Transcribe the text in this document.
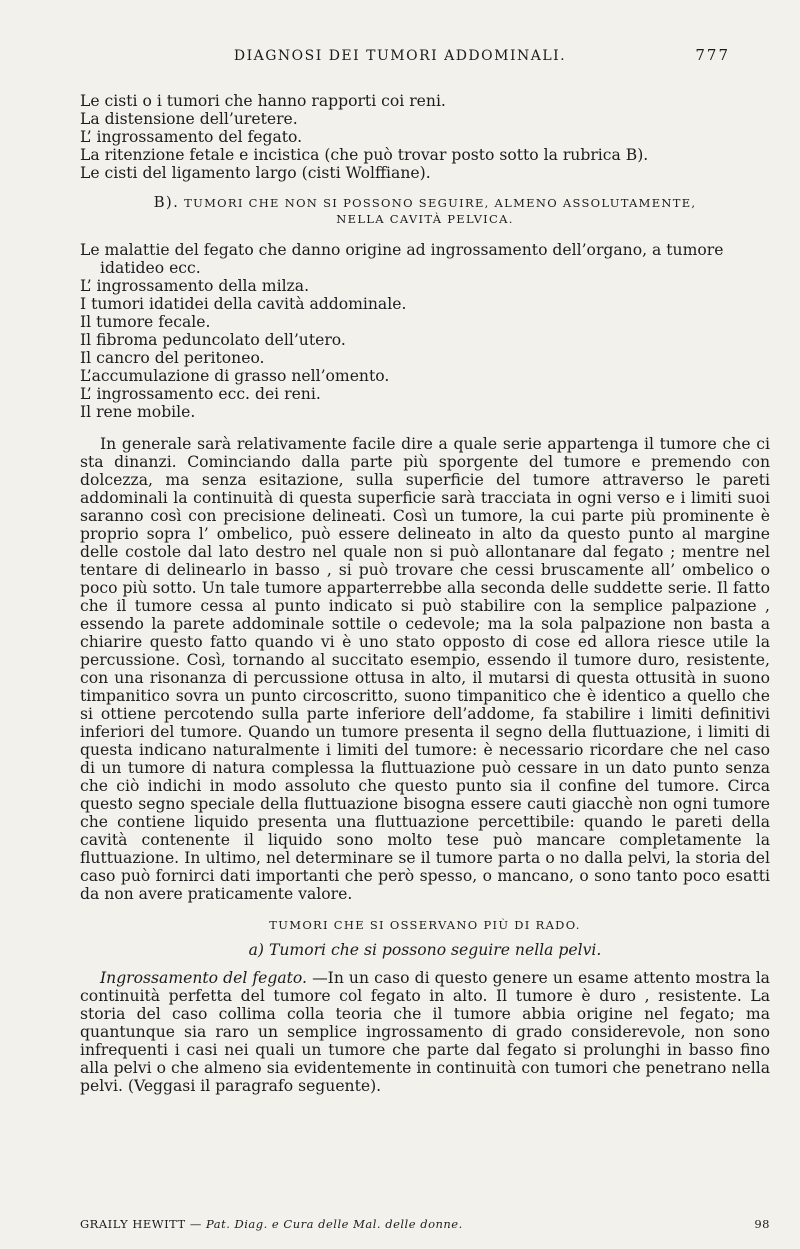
DIAGNOSI DEI TUMORI ADDOMINALI.	777

Le cisti o i tumori che hanno rapporti coi reni.

La distensione dell’uretere.

L’ ingrossamento del fegato.

La ritenzione fetale e incistica (che può trovar posto sotto la rubrica B).

Le cisti del ligamento largo (cisti Wolffiane).

B). TUMORI CHE NON SI POSSONO SEGUIRE, ALMENO ASSOLUTAMENTE,
NELLA CAVITÀ PELVICA.

Le malattie del fegato che danno origine ad ingrossamento dell’organo, a tumore idatideo ecc.

L’ ingrossamento della milza.

I tumori idatidei della cavità addominale.

Il tumore fecale.

Il fibroma peduncolato dell’utero.

Il cancro del peritoneo.

L’accumulazione di grasso nell’omento.

L’ ingrossamento ecc. dei reni.

Il rene mobile.

In generale sarà relativamente facile dire a quale serie appartenga il tumore che ci sta dinanzi. Cominciando dalla parte più sporgente del tumore e premendo con dolcezza, ma senza esitazione, sulla superficie del tumore attraverso le pareti addominali la continuità di questa superficie sarà tracciata in ogni verso e i limiti suoi saranno così con precisione delineati. Così un tumore, la cui parte più prominente è proprio sopra l’ ombelico, può essere delineato in alto da questo punto al margine delle costole dal lato destro nel quale non si può allontanare dal fegato ; mentre nel tentare di delinearlo in basso , si può trovare che cessi bruscamente all’ ombelico o poco più sotto. Un tale tumore apparterrebbe alla seconda delle suddette serie. Il fatto che il tumore cessa al punto indicato si può stabilire con la semplice palpazione , essendo la parete addominale sottile o cedevole; ma la sola palpazione non basta a chiarire questo fatto quando vi è uno stato opposto di cose ed allora riesce utile la percussione. Così, tornando al succitato esempio, essendo il tumore duro, resistente, con una risonanza di percussione ottusa in alto, il mutarsi di questa ottusità in suono timpanitico sovra un punto circoscritto, suono timpanitico che è identico a quello che si ottiene percotendo sulla parte inferiore dell’addome, fa stabilire i limiti definitivi inferiori del tumore. Quando un tumore presenta il segno della fluttuazione, i limiti di questa indicano naturalmente i limiti del tumore: è necessario ricordare che nel caso di un tumore di natura complessa la fluttuazione può cessare in un dato punto senza che ciò indichi in modo assoluto che questo punto sia il confine del tumore. Circa questo segno speciale della fluttuazione bisogna essere cauti giacchè non ogni tumore che contiene liquido presenta una fluttuazione percettibile: quando le pareti della cavità contenente il liquido sono molto tese può mancare completamente la fluttuazione. In ultimo, nel determinare se il tumore parta o no dalla pelvi, la storia del caso può fornirci dati importanti che però spesso, o mancano, o sono tanto poco esatti da non avere praticamente valore.

TUMORI CHE SI OSSERVANO PIÙ DI RADO.
a) Tumori che si possono seguire nella pelvi.

Ingrossamento del fegato. —In un caso di questo genere un esame attento mostra la continuità perfetta del tumore col fegato in alto. Il tumore è duro , resistente. La storia del caso collima colla teoria che il tumore abbia origine nel fegato; ma quantunque sia raro un semplice ingrossamento di grado considerevole, non sono infrequenti i casi nei quali un tumore che parte dal fegato si prolunghi in basso fino alla pelvi o che almeno sia evidentemente in continuità con tumori che penetrano nella pelvi. (Veggasi il paragrafo seguente).

GRAILY HEWITT — Pat. Diag. e Cura delle Mal. delle donne.	98
